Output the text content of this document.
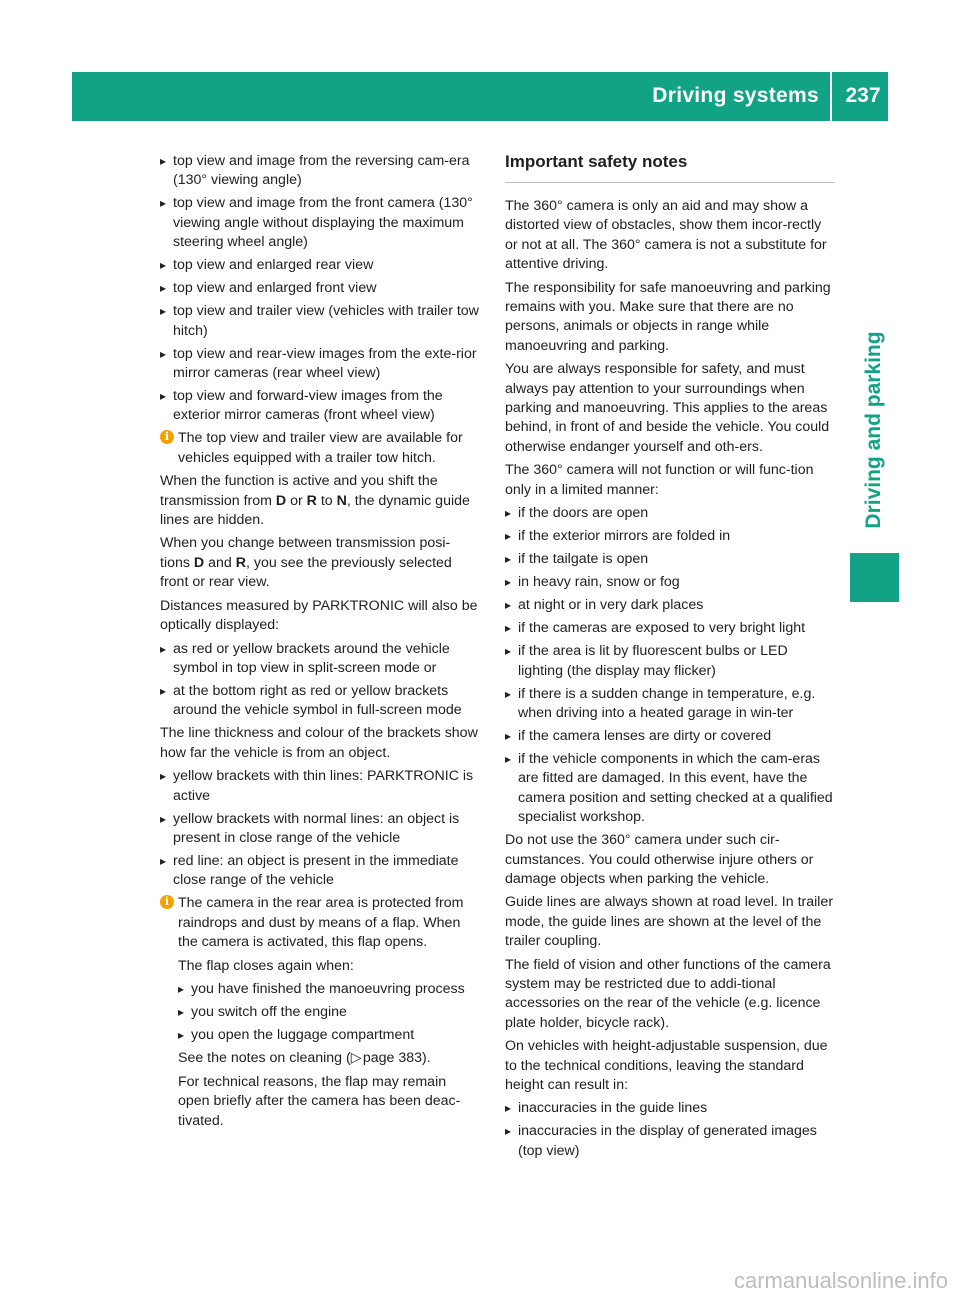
Driving systems	237
Driving and parking
▸ top view and image from the reversing cam-era (130° viewing angle)
▸ top view and image from the front camera (130° viewing angle without displaying the maximum steering wheel angle)
▸ top view and enlarged rear view
▸ top view and enlarged front view
▸ top view and trailer view (vehicles with trailer tow hitch)
▸ top view and rear-view images from the exte-rior mirror cameras (rear wheel view)
▸ top view and forward-view images from the exterior mirror cameras (front wheel view)
i The top view and trailer view are available for vehicles equipped with a trailer tow hitch.

When the function is active and you shift the transmission from D or R to N, the dynamic guide lines are hidden.

When you change between transmission posi-tions D and R, you see the previously selected front or rear view.

Distances measured by PARKTRONIC will also be optically displayed:

▸ as red or yellow brackets around the vehicle symbol in top view in split-screen mode or
▸ at the bottom right as red or yellow brackets around the vehicle symbol in full-screen mode

The line thickness and colour of the brackets show how far the vehicle is from an object.

▸ yellow brackets with thin lines: PARKTRONIC is active
▸ yellow brackets with normal lines: an object is present in close range of the vehicle
▸ red line: an object is present in the immediate close range of the vehicle
i The camera in the rear area is protected from raindrops and dust by means of a flap. When the camera is activated, this flap opens.

The flap closes again when:

▸ you have finished the manoeuvring process
▸ you switch off the engine
▸ you open the luggage compartment

See the notes on cleaning (▷ page 383).

For technical reasons, the flap may remain open briefly after the camera has been deac-tivated.

Important safety notes

The 360° camera is only an aid and may show a distorted view of obstacles, show them incor-rectly or not at all. The 360° camera is not a substitute for attentive driving.

The responsibility for safe manoeuvring and parking remains with you. Make sure that there are no persons, animals or objects in range while manoeuvring and parking.

You are always responsible for safety, and must always pay attention to your surroundings when parking and manoeuvring. This applies to the areas behind, in front of and beside the vehicle. You could otherwise endanger yourself and oth-ers.

The 360° camera will not function or will func-tion only in a limited manner:

▸ if the doors are open
▸ if the exterior mirrors are folded in
▸ if the tailgate is open
▸ in heavy rain, snow or fog
▸ at night or in very dark places
▸ if the cameras are exposed to very bright light
▸ if the area is lit by fluorescent bulbs or LED lighting (the display may flicker)
▸ if there is a sudden change in temperature, e.g. when driving into a heated garage in win-ter
▸ if the camera lenses are dirty or covered
▸ if the vehicle components in which the cam-eras are fitted are damaged. In this event, have the camera position and setting checked at a qualified specialist workshop.

Do not use the 360° camera under such cir-cumstances. You could otherwise injure others or damage objects when parking the vehicle.

Guide lines are always shown at road level. In trailer mode, the guide lines are shown at the level of the trailer coupling.

The field of vision and other functions of the camera system may be restricted due to addi-tional accessories on the rear of the vehicle (e.g. licence plate holder, bicycle rack).

On vehicles with height-adjustable suspension, due to the technical conditions, leaving the standard height can result in:

▸ inaccuracies in the guide lines
▸ inaccuracies in the display of generated images (top view)
carmanualsonline.info
